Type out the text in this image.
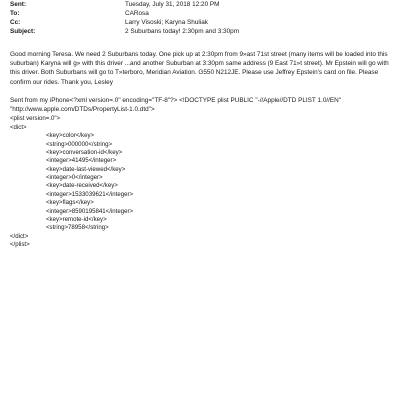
Sent:	Tuesday, July 31, 2018 12:20 PM
To:	CARosa
Cc:	Larry Visoski; Karyna Shuliak
Subject:	2 Suburbans today! 2:30pm and 3:30pm
Good morning Teresa. We need 2 Suburbans today. One pick up at 2:30pm from 9»ast 71st street (many items will be loaded into this suburban) Karyna will g» with this driver ...and another Suburban at 3:30pm same address (9 East 71»t street). Mr Epstein will go with this driver. Both Suburbans will go to T»terboro, Meridian Aviation. G550 N212JE. Please use Jeffrey Epstein's card on file. Please confirm our rides. Thank you, Lesley
Sent from my iPhone<?xml version=.0" encoding="TF-8"?> <!DOCTYPE plist PUBLIC "-//Apple//DTD PLIST 1.0//EN" "http://www.apple.com/DTDs/PropertyList-1.0.dtd">
<plist version=.0">
<dict>
<key>color</key>
<string>000000</string>
<key>conversation-id</key>
<integer>41495</integer>
<key>date-last-viewed</key>
<integer>0</integer>
<key>date-received</key>
<integer>1533039621</integer>
<key>flags</key>
<integer>8590195841</integer>
<key>remote-id</key>
<string>78958</string>
</dict>
</plist>
